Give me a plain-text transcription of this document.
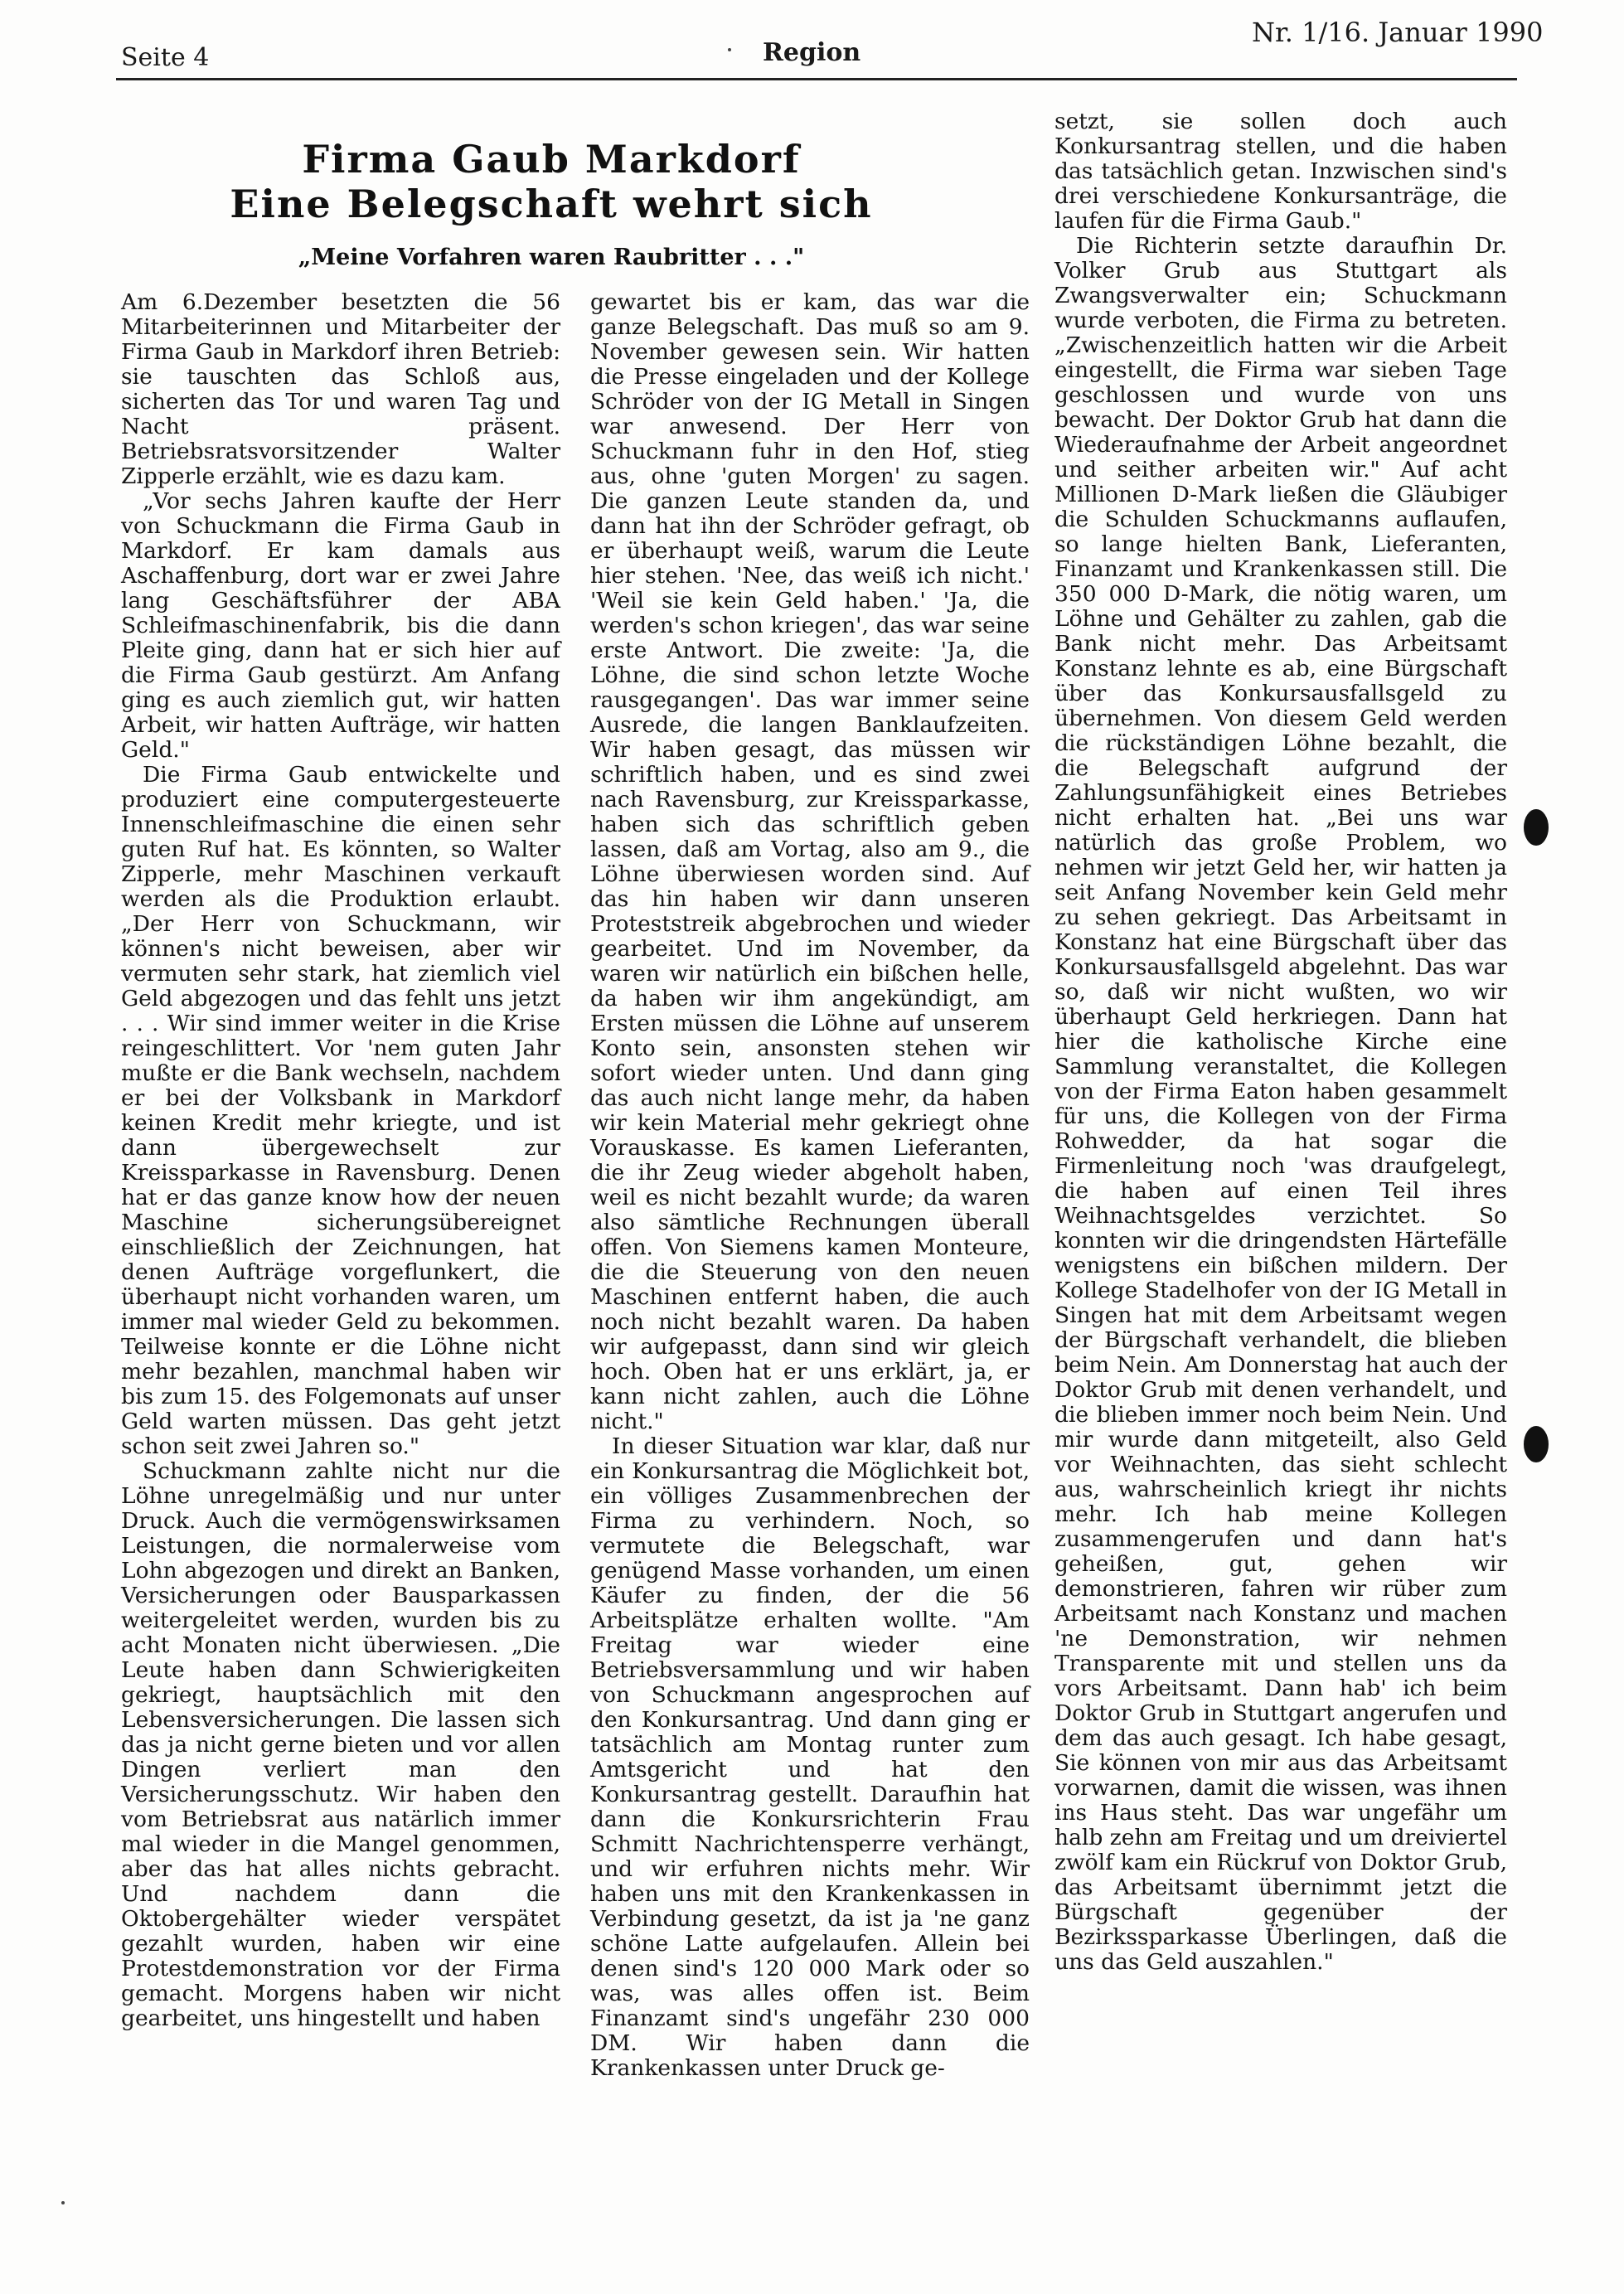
Seite 4	Region
Nr. 1/16. Januar 1990
Firma Gaub Markdorf
Eine Belegschaft wehrt sich
„Meine Vorfahren waren Raubritter . . ."

Am 6.Dezember besetzten die 56 Mitarbeiterinnen und Mitarbeiter der Firma Gaub in Markdorf ihren Betrieb: sie tauschten das Schloß aus, sicherten das Tor und waren Tag und Nacht präsent. Betriebsratsvorsitzender Walter Zipperle erzählt, wie es dazu kam.

„Vor sechs Jahren kaufte der Herr von Schuckmann die Firma Gaub in Markdorf. Er kam damals aus Aschaffenburg, dort war er zwei Jahre lang Geschäftsführer der ABA Schleifmaschinenfabrik, bis die dann Pleite ging, dann hat er sich hier auf die Firma Gaub gestürzt. Am Anfang ging es auch ziemlich gut, wir hatten Arbeit, wir hatten Aufträge, wir hatten Geld."

Die Firma Gaub entwickelte und produziert eine computergesteuerte Innenschleifmaschine die einen sehr guten Ruf hat. Es könnten, so Walter Zipperle, mehr Maschinen verkauft werden als die Produktion erlaubt. „Der Herr von Schuckmann, wir können's nicht beweisen, aber wir vermuten sehr stark, hat ziemlich viel Geld abgezogen und das fehlt uns jetzt . . . Wir sind immer weiter in die Krise reingeschlittert. Vor 'nem guten Jahr mußte er die Bank wechseln, nachdem er bei der Volksbank in Markdorf keinen Kredit mehr kriegte, und ist dann übergewechselt zur Kreissparkasse in Ravensburg. Denen hat er das ganze know how der neuen Maschine sicherungsübereignet einschließlich der Zeichnungen, hat denen Aufträge vorgeflunkert, die überhaupt nicht vorhanden waren, um immer mal wieder Geld zu bekommen. Teilweise konnte er die Löhne nicht mehr bezahlen, manchmal haben wir bis zum 15. des Folgemonats auf unser Geld warten müssen. Das geht jetzt schon seit zwei Jahren so."

Schuckmann zahlte nicht nur die Löhne unregelmäßig und nur unter Druck. Auch die vermögenswirksamen Leistungen, die normalerweise vom Lohn abgezogen und direkt an Banken, Versicherungen oder Bausparkassen weitergeleitet werden, wurden bis zu acht Monaten nicht überwiesen. „Die Leute haben dann Schwierigkeiten gekriegt, hauptsächlich mit den Lebensversicherungen. Die lassen sich das ja nicht gerne bieten und vor allen Dingen verliert man den Versicherungsschutz. Wir haben den vom Betriebsrat aus natärlich immer mal wieder in die Mangel genommen, aber das hat alles nichts gebracht. Und nachdem dann die Oktobergehälter wieder verspätet gezahlt wurden, haben wir eine Protestdemonstration vor der Firma gemacht. Morgens haben wir nicht gearbeitet, uns hingestellt und haben

gewartet bis er kam, das war die ganze Belegschaft. Das muß so am 9. November gewesen sein. Wir hatten die Presse eingeladen und der Kollege Schröder von der IG Metall in Singen war anwesend. Der Herr von Schuckmann fuhr in den Hof, stieg aus, ohne 'guten Morgen' zu sagen. Die ganzen Leute standen da, und dann hat ihn der Schröder gefragt, ob er überhaupt weiß, warum die Leute hier stehen. 'Nee, das weiß ich nicht.' 'Weil sie kein Geld haben.' 'Ja, die werden's schon kriegen', das war seine erste Antwort. Die zweite: 'Ja, die Löhne, die sind schon letzte Woche rausgegangen'. Das war immer seine Ausrede, die langen Banklaufzeiten. Wir haben gesagt, das müssen wir schriftlich haben, und es sind zwei nach Ravensburg, zur Kreissparkasse, haben sich das schriftlich geben lassen, daß am Vortag, also am 9., die Löhne überwiesen worden sind. Auf das hin haben wir dann unseren Proteststreik abgebrochen und wieder gearbeitet. Und im November, da waren wir natürlich ein bißchen helle, da haben wir ihm angekündigt, am Ersten müssen die Löhne auf unserem Konto sein, ansonsten stehen wir sofort wieder unten. Und dann ging das auch nicht lange mehr, da haben wir kein Material mehr gekriegt ohne Vorauskasse. Es kamen Lieferanten, die ihr Zeug wieder abgeholt haben, weil es nicht bezahlt wurde; da waren also sämtliche Rechnungen überall offen. Von Siemens kamen Monteure, die die Steuerung von den neuen Maschinen entfernt haben, die auch noch nicht bezahlt waren. Da haben wir aufgepasst, dann sind wir gleich hoch. Oben hat er uns erklärt, ja, er kann nicht zahlen, auch die Löhne nicht."

In dieser Situation war klar, daß nur ein Konkursantrag die Möglichkeit bot, ein völliges Zusammenbrechen der Firma zu verhindern. Noch, so vermutete die Belegschaft, war genügend Masse vorhanden, um einen Käufer zu finden, der die 56 Arbeitsplätze erhalten wollte. "Am Freitag war wieder eine Betriebsversammlung und wir haben von Schuckmann angesprochen auf den Konkursantrag. Und dann ging er tatsächlich am Montag runter zum Amtsgericht und hat den Konkursantrag gestellt. Daraufhin hat dann die Konkursrichterin Frau Schmitt Nachrichtensperre verhängt, und wir erfuhren nichts mehr. Wir haben uns mit den Krankenkassen in Verbindung gesetzt, da ist ja 'ne ganz schöne Latte aufgelaufen. Allein bei denen sind's 120 000 Mark oder so was, was alles offen ist. Beim Finanzamt sind's ungefähr 230 000 DM. Wir haben dann die Krankenkassen unter Druck ge-

setzt, sie sollen doch auch Konkursantrag stellen, und die haben das tatsächlich getan. Inzwischen sind's drei verschiedene Konkursanträge, die laufen für die Firma Gaub."

Die Richterin setzte daraufhin Dr. Volker Grub aus Stuttgart als Zwangsverwalter ein; Schuckmann wurde verboten, die Firma zu betreten. „Zwischenzeitlich hatten wir die Arbeit eingestellt, die Firma war sieben Tage geschlossen und wurde von uns bewacht. Der Doktor Grub hat dann die Wiederaufnahme der Arbeit angeordnet und seither arbeiten wir." Auf acht Millionen D-Mark ließen die Gläubiger die Schulden Schuckmanns auflaufen, so lange hielten Bank, Lieferanten, Finanzamt und Krankenkassen still. Die 350 000 D-Mark, die nötig waren, um Löhne und Gehälter zu zahlen, gab die Bank nicht mehr. Das Arbeitsamt Konstanz lehnte es ab, eine Bürgschaft über das Konkursausfallsgeld zu übernehmen. Von diesem Geld werden die rückständigen Löhne bezahlt, die die Belegschaft aufgrund der Zahlungsunfähigkeit eines Betriebes nicht erhalten hat. „Bei uns war natürlich das große Problem, wo nehmen wir jetzt Geld her, wir hatten ja seit Anfang November kein Geld mehr zu sehen gekriegt. Das Arbeitsamt in Konstanz hat eine Bürgschaft über das Konkursausfallsgeld abgelehnt. Das war so, daß wir nicht wußten, wo wir überhaupt Geld herkriegen. Dann hat hier die katholische Kirche eine Sammlung veranstaltet, die Kollegen von der Firma Eaton haben gesammelt für uns, die Kollegen von der Firma Rohwedder, da hat sogar die Firmenleitung noch 'was draufgelegt, die haben auf einen Teil ihres Weihnachtsgeldes verzichtet. So konnten wir die dringendsten Härtefälle wenigstens ein bißchen mildern. Der Kollege Stadelhofer von der IG Metall in Singen hat mit dem Arbeitsamt wegen der Bürgschaft verhandelt, die blieben beim Nein. Am Donnerstag hat auch der Doktor Grub mit denen verhandelt, und die blieben immer noch beim Nein. Und mir wurde dann mitgeteilt, also Geld vor Weihnachten, das sieht schlecht aus, wahrscheinlich kriegt ihr nichts mehr. Ich hab meine Kollegen zusammengerufen und dann hat's geheißen, gut, gehen wir demonstrieren, fahren wir rüber zum Arbeitsamt nach Konstanz und machen 'ne Demonstration, wir nehmen Transparente mit und stellen uns da vors Arbeitsamt. Dann hab' ich beim Doktor Grub in Stuttgart angerufen und dem das auch gesagt. Ich habe gesagt, Sie können von mir aus das Arbeitsamt vorwarnen, damit die wissen, was ihnen ins Haus steht. Das war ungefähr um halb zehn am Freitag und um dreiviertel zwölf kam ein Rückruf von Doktor Grub, das Arbeitsamt übernimmt jetzt die Bürgschaft gegenüber der Bezirkssparkasse Überlingen, daß die uns das Geld auszahlen."
